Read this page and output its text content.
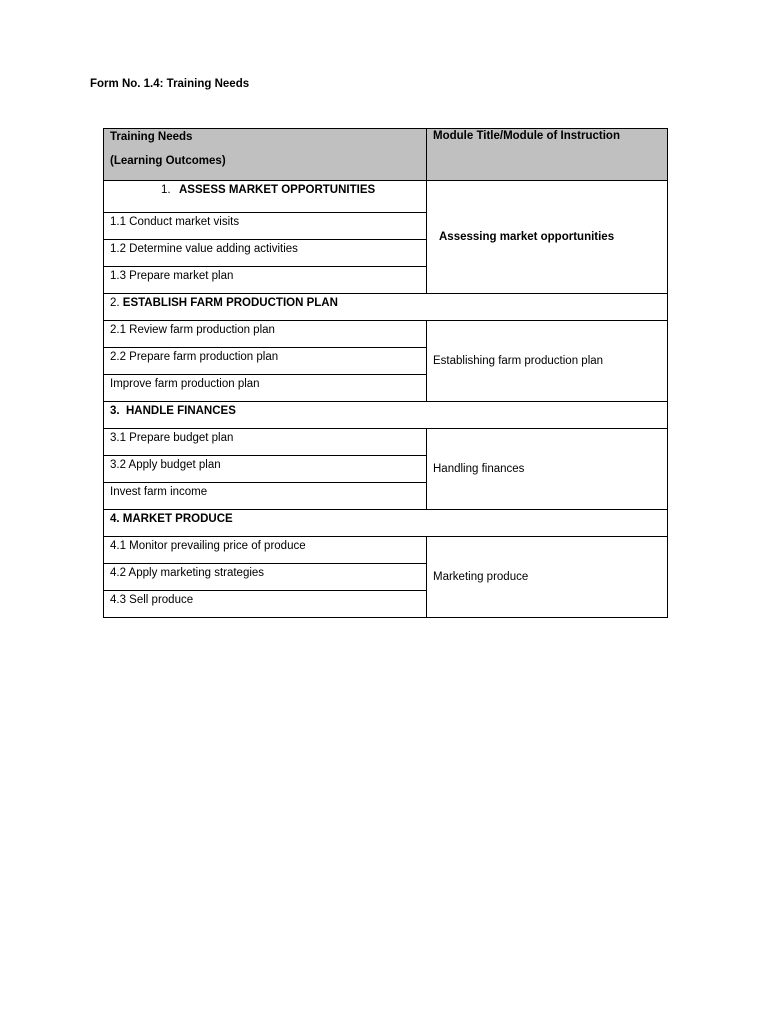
Form No. 1.4: Training Needs

Training Needs
(Learning Outcomes)	Module Title/Module of Instruction
1. ASSESS MARKET OPPORTUNITIES	Assessing market opportunities
1.1 Conduct market visits	
1.2 Determine value adding activities	
1.3 Prepare market plan	
2. ESTABLISH FARM PRODUCTION PLAN	
2.1 Review farm production plan	Establishing farm production plan
2.2 Prepare farm production plan	
Improve farm production plan	
3. HANDLE FINANCES	
3.1 Prepare budget plan	Handling finances
3.2 Apply budget plan	
Invest farm income	
4. MARKET PRODUCE	
4.1 Monitor prevailing price of produce	Marketing produce
4.2 Apply marketing strategies	
4.3 Sell produce	
